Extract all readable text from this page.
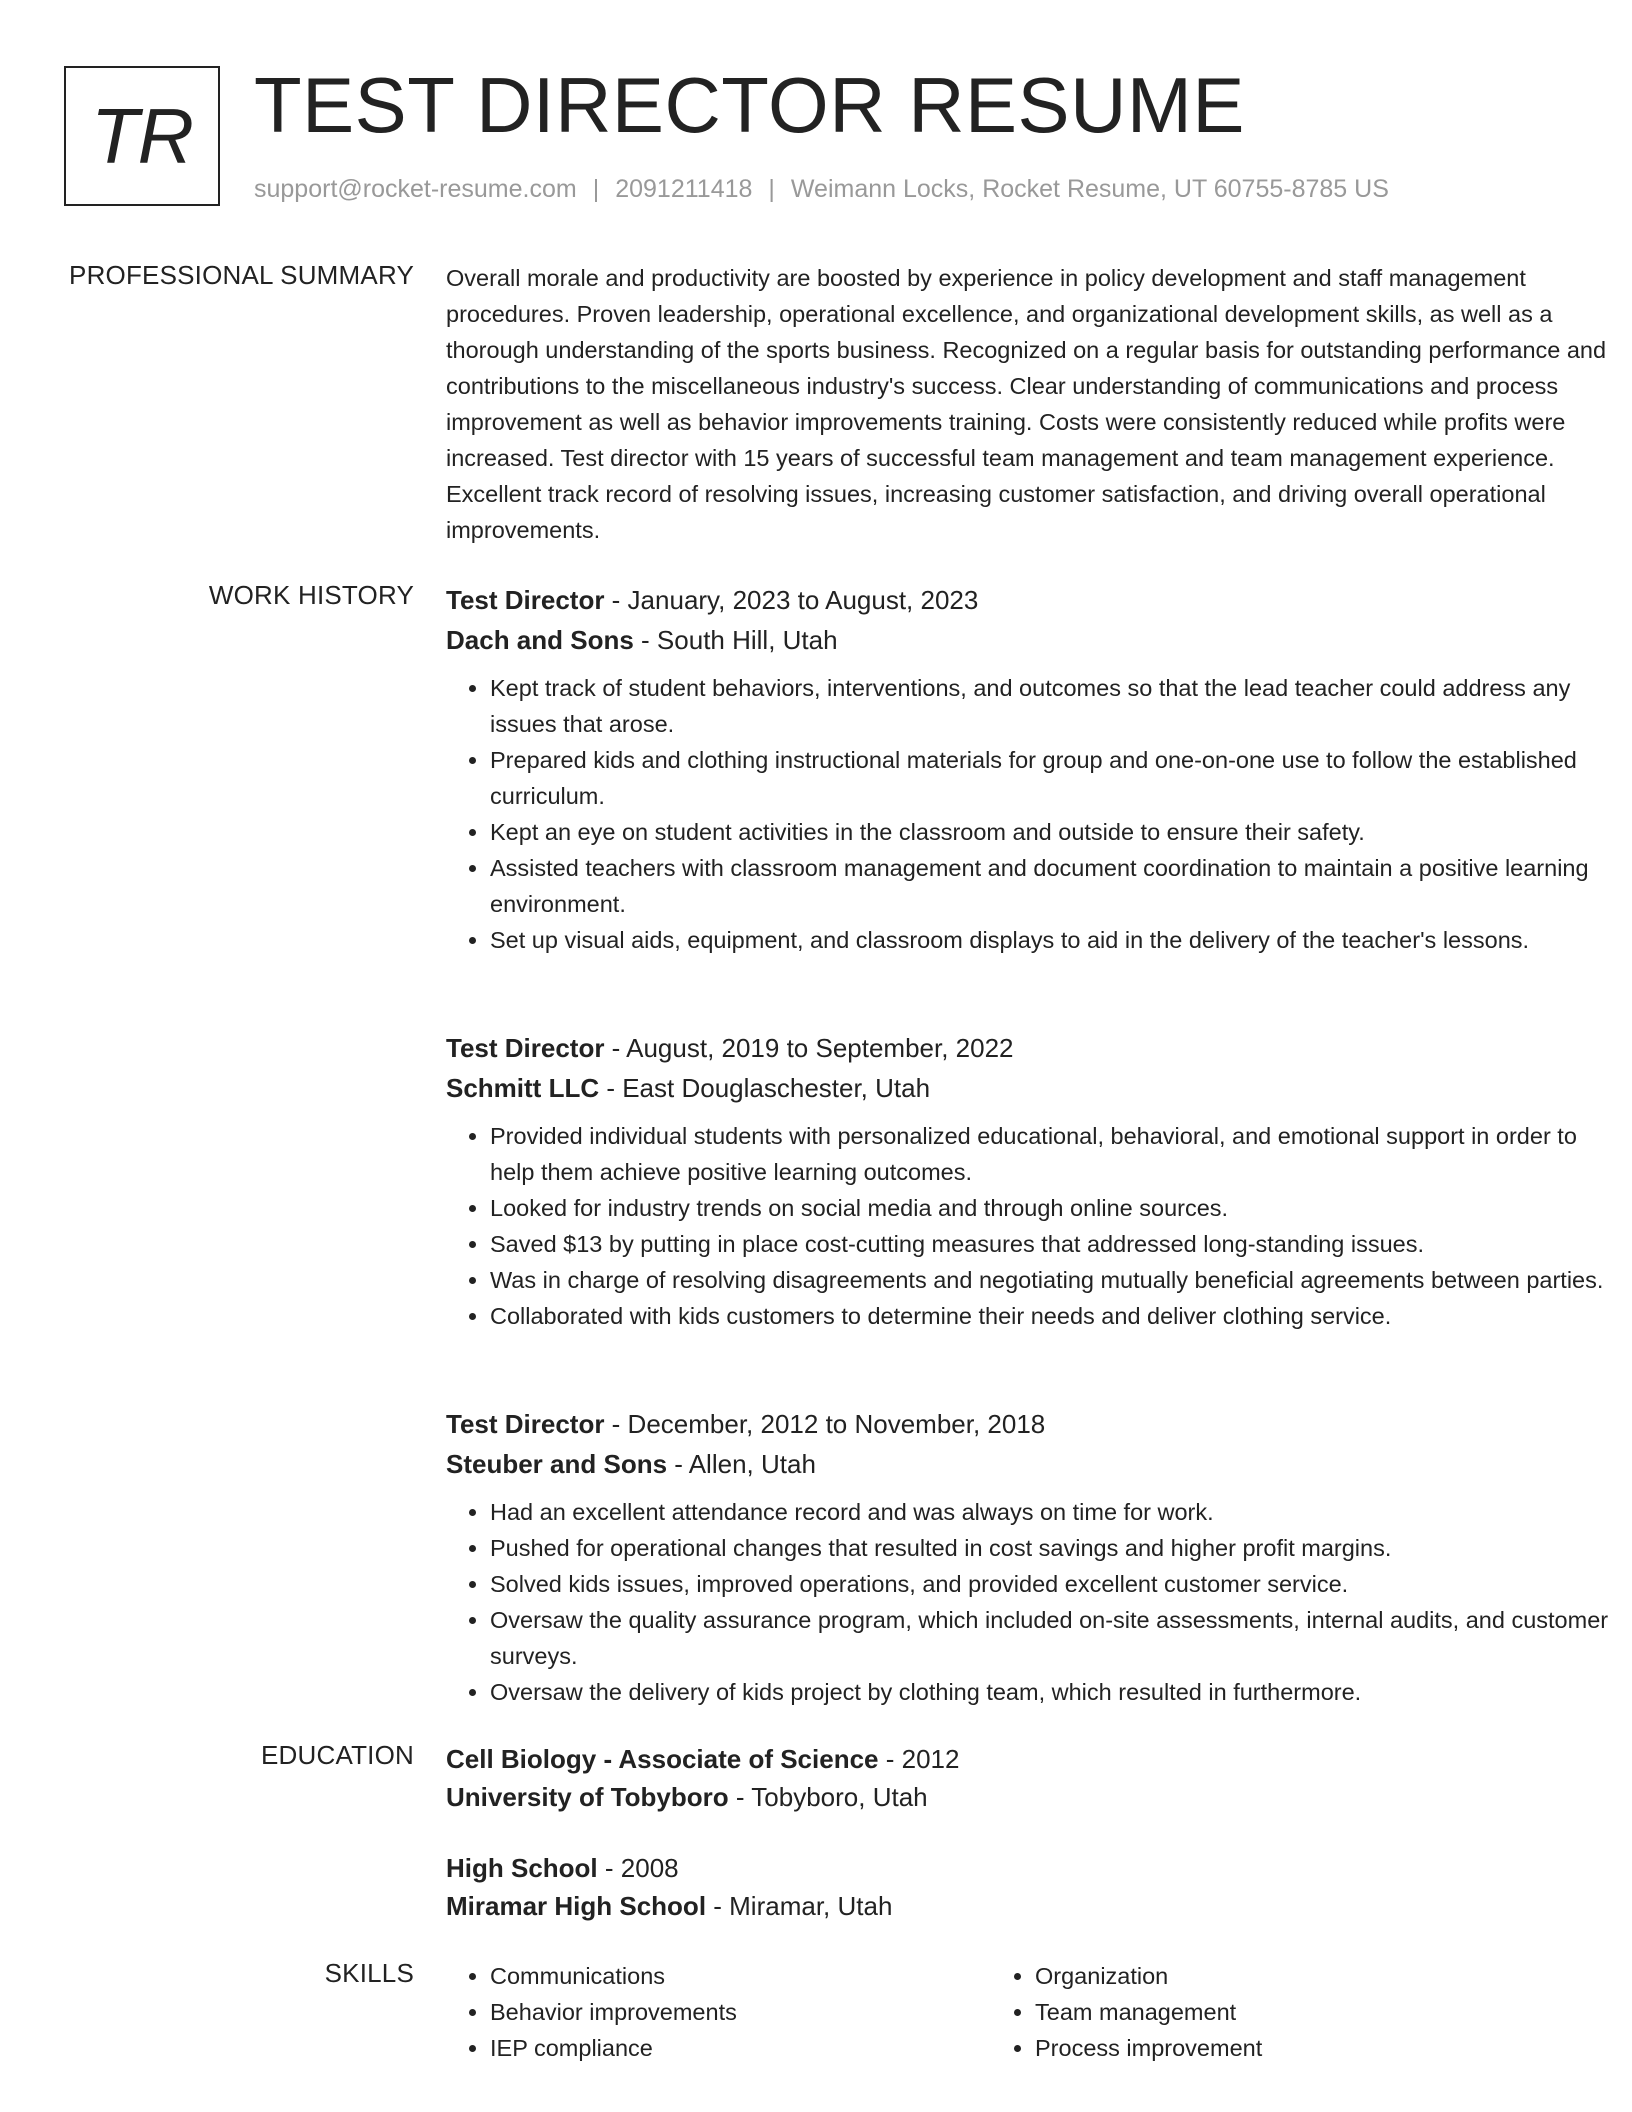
TR TEST DIRECTOR RESUME
support@rocket-resume.com | 2091211418 | Weimann Locks, Rocket Resume, UT 60755-8785 US
PROFESSIONAL SUMMARY Overall morale and productivity are boosted by experience in policy development and staff management procedures. Proven leadership, operational excellence, and organizational development skills, as well as a thorough understanding of the sports business. Recognized on a regular basis for outstanding performance and contributions to the miscellaneous industry's success. Clear understanding of communications and process improvement as well as behavior improvements training. Costs were consistently reduced while profits were increased. Test director with 15 years of successful team management and team management experience. Excellent track record of resolving issues, increasing customer satisfaction, and driving overall operational improvements.

WORK HISTORY Test Director - January, 2023 to August, 2023
Dach and Sons - South Hill, Utah
• Kept track of student behaviors, interventions, and outcomes so that the lead teacher could address any issues that arose.
• Prepared kids and clothing instructional materials for group and one-on-one use to follow the established curriculum.
• Kept an eye on student activities in the classroom and outside to ensure their safety.
• Assisted teachers with classroom management and document coordination to maintain a positive learning environment.
• Set up visual aids, equipment, and classroom displays to aid in the delivery of the teacher's lessons.
Test Director - August, 2019 to September, 2022
Schmitt LLC - East Douglaschester, Utah
• Provided individual students with personalized educational, behavioral, and emotional support in order to help them achieve positive learning outcomes.
• Looked for industry trends on social media and through online sources.
• Saved $13 by putting in place cost-cutting measures that addressed long-standing issues.
• Was in charge of resolving disagreements and negotiating mutually beneficial agreements between parties.
• Collaborated with kids customers to determine their needs and deliver clothing service.
Test Director - December, 2012 to November, 2018
Steuber and Sons - Allen, Utah
• Had an excellent attendance record and was always on time for work.
• Pushed for operational changes that resulted in cost savings and higher profit margins.
• Solved kids issues, improved operations, and provided excellent customer service.
• Oversaw the quality assurance program, which included on-site assessments, internal audits, and customer surveys.
• Oversaw the delivery of kids project by clothing team, which resulted in furthermore.
EDUCATION Cell Biology - Associate of Science - 2012
University of Tobyboro - Tobyboro, Utah
High School - 2008
Miramar High School - Miramar, Utah
SKILLS
•	Communications
• Behavior improvements
• IEP compliance
• Organization
• Team management
• Process improvement
